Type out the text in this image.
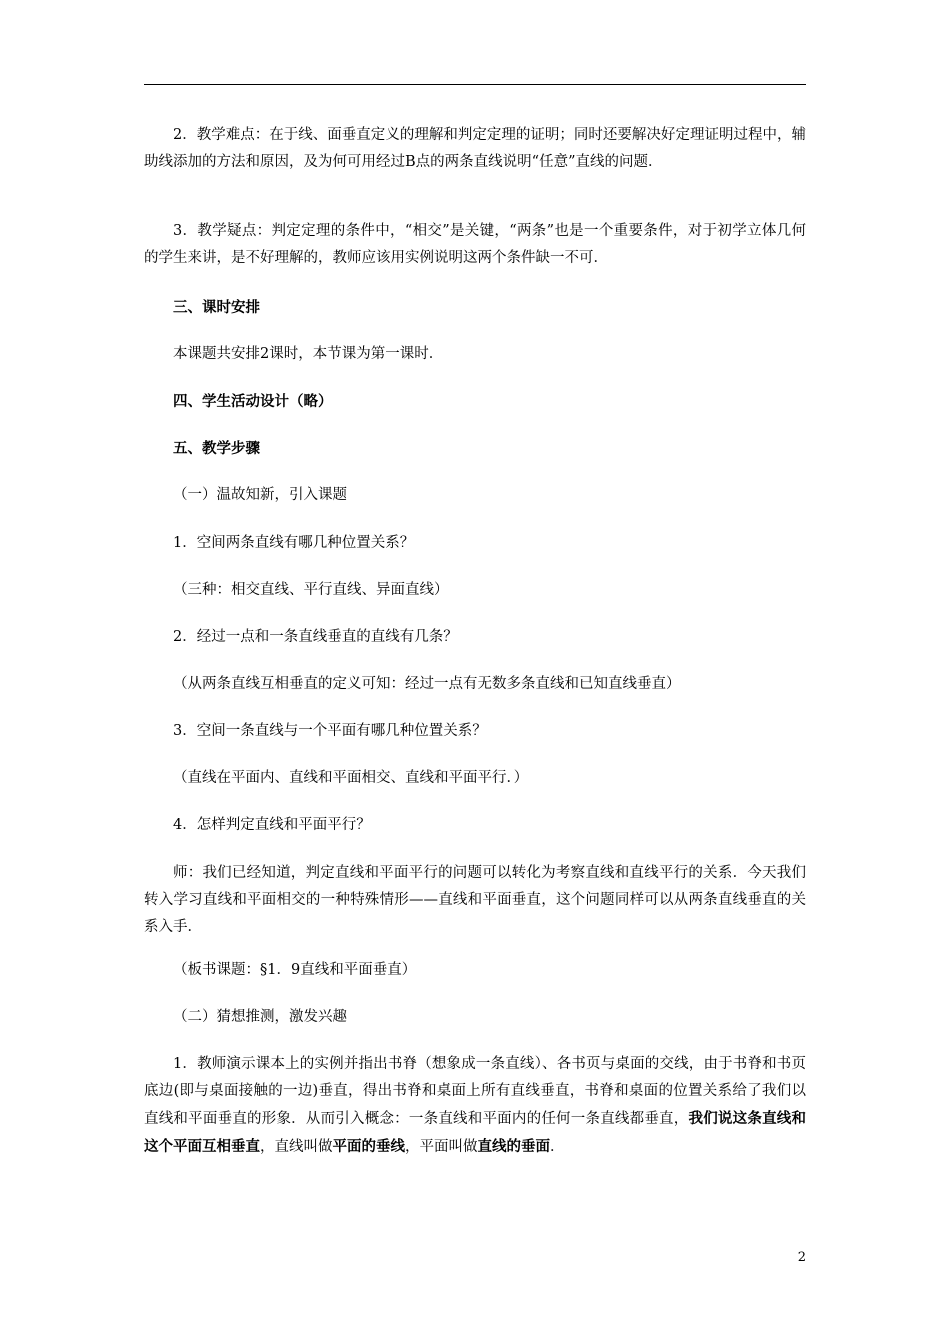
2．教学难点：在于线、面垂直定义的理解和判定定理的证明；同时还要解决好定理证明过程中，辅助线添加的方法和原因，及为何可用经过B点的两条直线说明“任意”直线的问题．

3．教学疑点：判定定理的条件中，“相交”是关键，“两条”也是一个重要条件，对于初学立体几何的学生来讲，是不好理解的，教师应该用实例说明这两个条件缺一不可．

三、课时安排

本课题共安排2课时，本节课为第一课时．

四、学生活动设计（略）

五、教学步骤

（一）温故知新，引入课题

1．空间两条直线有哪几种位置关系？

（三种：相交直线、平行直线、异面直线）

2．经过一点和一条直线垂直的直线有几条？

（从两条直线互相垂直的定义可知：经过一点有无数多条直线和已知直线垂直）

3．空间一条直线与一个平面有哪几种位置关系？

（直线在平面内、直线和平面相交、直线和平面平行．）

4．怎样判定直线和平面平行？

师：我们已经知道，判定直线和平面平行的问题可以转化为考察直线和直线平行的关系．今天我们转入学习直线和平面相交的一种特殊情形——直线和平面垂直，这个问题同样可以从两条直线垂直的关系入手．

（板书课题：§1．9直线和平面垂直）

（二）猜想推测，激发兴趣

1．教师演示课本上的实例并指出书脊（想象成一条直线）、各书页与桌面的交线，由于书脊和书页底边(即与桌面接触的一边)垂直，得出书脊和桌面上所有直线垂直，书脊和桌面的位置关系给了我们以直线和平面垂直的形象．从而引入概念：一条直线和平面内的任何一条直线都垂直，我们说这条直线和这个平面互相垂直，直线叫做平面的垂线，平面叫做直线的垂面．

2
